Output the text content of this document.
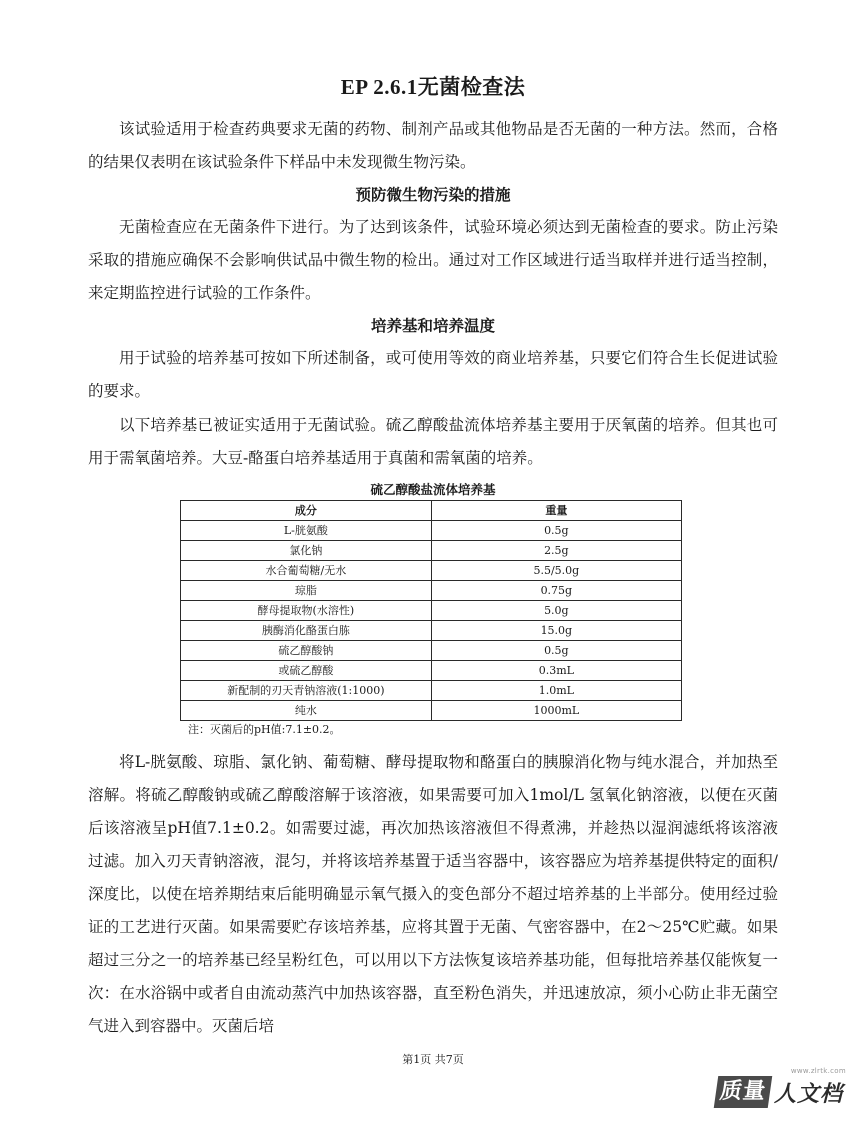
EP 2.6.1无菌检查法

该试验适用于检查药典要求无菌的药物、制剂产品或其他物品是否无菌的一种方法。然而，合格的结果仅表明在该试验条件下样品中未发现微生物污染。

预防微生物污染的措施

无菌检查应在无菌条件下进行。为了达到该条件，试验环境必须达到无菌检查的要求。防止污染采取的措施应确保不会影响供试品中微生物的检出。通过对工作区域进行适当取样并进行适当控制，来定期监控进行试验的工作条件。

培养基和培养温度

用于试验的培养基可按如下所述制备，或可使用等效的商业培养基，只要它们符合生长促进试验的要求。

以下培养基已被证实适用于无菌试验。硫乙醇酸盐流体培养基主要用于厌氧菌的培养。但其也可用于需氧菌培养。大豆-酪蛋白培养基适用于真菌和需氧菌的培养。

硫乙醇酸盐流体培养基
成分	重量
L-胱氨酸	0.5g
氯化钠	2.5g
水合葡萄糖/无水	5.5/5.0g
琼脂	0.75g
酵母提取物(水溶性)	5.0g
胰酶消化酪蛋白胨	15.0g
硫乙醇酸钠	0.5g
或硫乙醇酸	0.3mL
新配制的刃天青钠溶液(1:1000)	1.0mL
纯水	1000mL
注：灭菌后的pH值:7.1±0.2。

将L-胱氨酸、琼脂、氯化钠、葡萄糖、酵母提取物和酪蛋白的胰腺消化物与纯水混合，并加热至溶解。将硫乙醇酸钠或硫乙醇酸溶解于该溶液，如果需要可加入1mol/L 氢氧化钠溶液，以便在灭菌后该溶液呈pH值7.1±0.2。如需要过滤，再次加热该溶液但不得煮沸，并趁热以湿润滤纸将该溶液过滤。加入刃天青钠溶液，混匀，并将该培养基置于适当容器中，该容器应为培养基提供特定的面积/深度比，以使在培养期结束后能明确显示氧气摄入的变色部分不超过培养基的上半部分。使用经过验证的工艺进行灭菌。如果需要贮存该培养基，应将其置于无菌、气密容器中，在2～25℃贮藏。如果超过三分之一的培养基已经呈粉红色，可以用以下方法恢复该培养基功能，但每批培养基仅能恢复一次：在水浴锅中或者自由流动蒸汽中加热该容器，直至粉色消失，并迅速放凉，须小心防止非无菌空气进入到容器中。灭菌后培

第1页 共7页
www.zlrtk.com
质量 人文档
